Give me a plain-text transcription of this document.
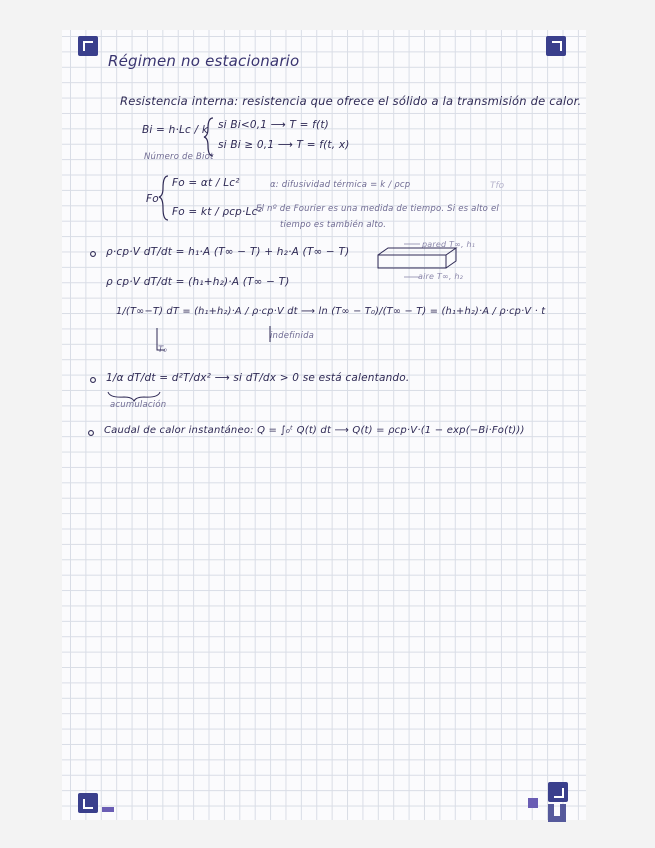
Régimen no estacionario
Resistencia interna: resistencia que ofrece el sólido a la transmisión de calor.
Bi = h·Lc / k si Bi<0,1 ⟶ T = f(t)
si Bi ≥ 0,1 ⟶ T = f(t, x)
Número de Biot
Fo
Fo = αt / Lc²
Fo = kt / ρcp·Lc²
α: difusividad térmica = k / ρcp
El nº de Fourier es una medida de tiempo. Si es alto el
tiempo es también alto.
ρ·cp·V dT/dt = h₁·A (T∞ − T) + h₂·A (T∞ − T)
ρ cp·V dT/dt = (h₁+h₂)·A (T∞ − T)
1/(T∞−T) dT = (h₁+h₂)·A / ρ·cp·V dt ⟶ ln (T∞ − T₀)/(T∞ − T) = (h₁+h₂)·A / ρ·cp·V · t
indefinida
T₀
1/α dT/dt = d²T/dx² ⟶ si dT/dx > 0 se está calentando.
acumulación
Caudal de calor instantáneo: Q = ∫₀ᵗ Q(t) dt ⟶ Q(t) = ρcp·V·(1 − exp(−Bi·Fo(t)))
pared T∞, h₁
aire T∞, h₂
Tfo
